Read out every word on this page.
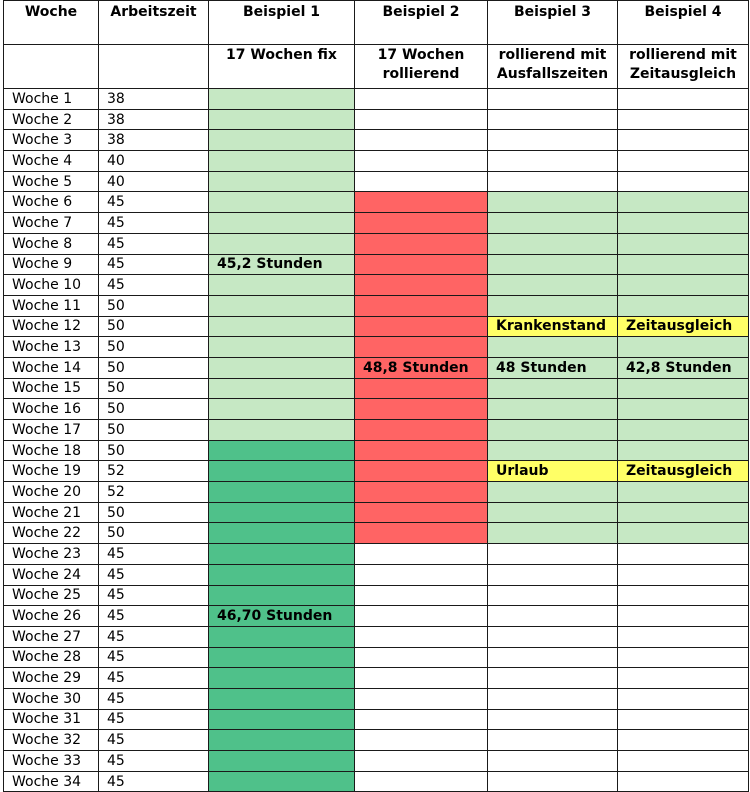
Woche	Arbeitszeit	Beispiel 1	Beispiel 2	Beispiel 3	Beispiel 4
		17 Wochen fix	17 Wochen rollierend	rollierend mit Ausfallszeiten	rollierend mit Zeitausgleich
Woche 1	38				
Woche 2	38				
Woche 3	38				
Woche 4	40				
Woche 5	40				
Woche 6	45				
Woche 7	45				
Woche 8	45				
Woche 9	45	45,2 Stunden			
Woche 10	45				
Woche 11	50				
Woche 12	50			Krankenstand	Zeitausgleich
Woche 13	50				
Woche 14	50		48,8 Stunden	48 Stunden	42,8 Stunden
Woche 15	50				
Woche 16	50				
Woche 17	50				
Woche 18	50				
Woche 19	52			Urlaub	Zeitausgleich
Woche 20	52				
Woche 21	50				
Woche 22	50				
Woche 23	45				
Woche 24	45				
Woche 25	45				
Woche 26	45	46,70 Stunden			
Woche 27	45				
Woche 28	45				
Woche 29	45				
Woche 30	45				
Woche 31	45				
Woche 32	45				
Woche 33	45				
Woche 34	45				
